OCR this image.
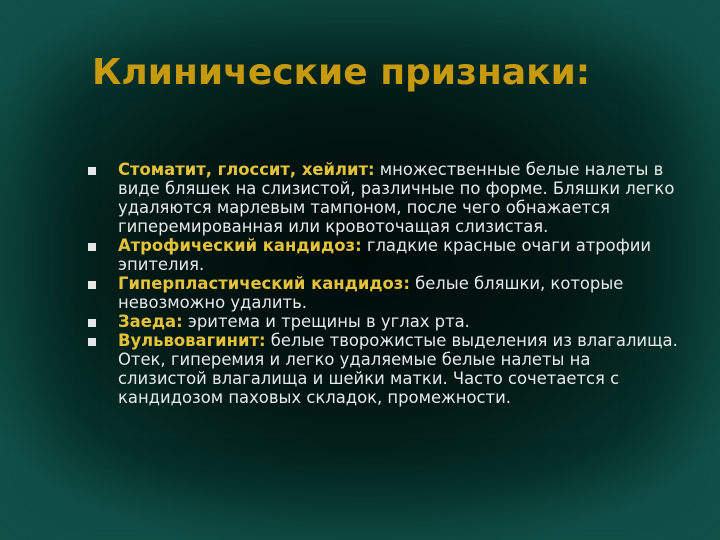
Клинические признаки:
Стоматит, глоссит, хейлит: множественные белые налеты в виде бляшек на слизистой, различные по форме. Бляшки легко удаляются марлевым тампоном, после чего обнажается гиперемированная или кровоточащая слизистая.
Атрофический кандидоз: гладкие красные очаги атрофии эпителия.
Гиперпластический кандидоз: белые бляшки, которые невозможно удалить.
Заеда: эритема и трещины в углах рта.
Вульвовагинит: белые творожистые выделения из влагалища. Отек, гиперемия и легко удаляемые белые налеты на слизистой влагалища и шейки матки. Часто сочетается с кандидозом паховых складок, промежности.
